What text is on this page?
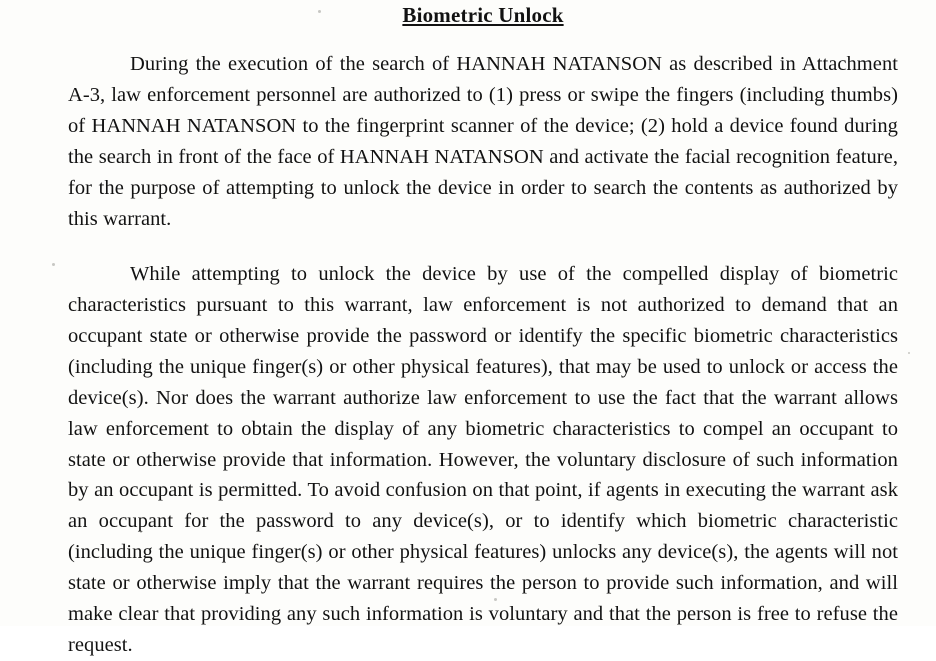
Biometric Unlock

During the execution of the search of HANNAH NATANSON as described in Attachment A-3, law enforcement personnel are authorized to (1) press or swipe the fingers (including thumbs) of HANNAH NATANSON to the fingerprint scanner of the device; (2) hold a device found during the search in front of the face of HANNAH NATANSON and activate the facial recognition feature, for the purpose of attempting to unlock the device in order to search the contents as authorized by this warrant.

While attempting to unlock the device by use of the compelled display of biometric characteristics pursuant to this warrant, law enforcement is not authorized to demand that an occupant state or otherwise provide the password or identify the specific biometric characteristics (including the unique finger(s) or other physical features), that may be used to unlock or access the device(s). Nor does the warrant authorize law enforcement to use the fact that the warrant allows law enforcement to obtain the display of any biometric characteristics to compel an occupant to state or otherwise provide that information. However, the voluntary disclosure of such information by an occupant is permitted. To avoid confusion on that point, if agents in executing the warrant ask an occupant for the password to any device(s), or to identify which biometric characteristic (including the unique finger(s) or other physical features) unlocks any device(s), the agents will not state or otherwise imply that the warrant requires the person to provide such information, and will make clear that providing any such information is voluntary and that the person is free to refuse the request.
